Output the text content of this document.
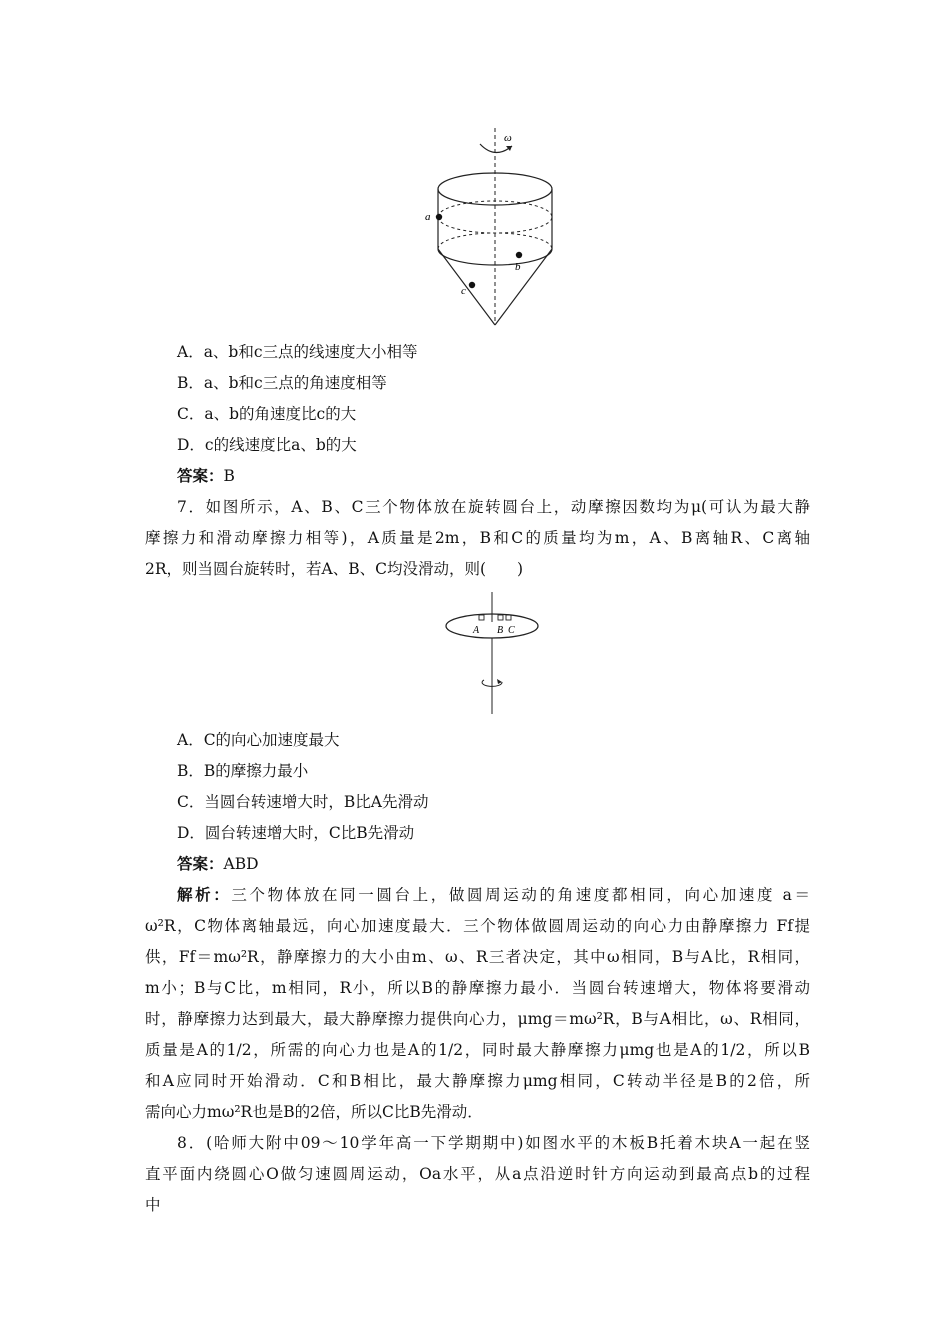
ω
a
b
c
A．a、b和c三点的线速度大小相等
B．a、b和c三点的角速度相等
C．a、b的角速度比c的大
D．c的线速度比a、b的大
答案：B
7．如图所示，A、B、C三个物体放在旋转圆台上，动摩擦因数均为μ(可认为最大静
摩擦力和滑动摩擦力相等)，A质量是2m，B和C的质量均为m，A、B离轴R、C离轴
2R，则当圆台旋转时，若A、B、C均没滑动，则(　　)
A B C
A．C的向心加速度最大
B．B的摩擦力最小
C．当圆台转速增大时，B比A先滑动
D．圆台转速增大时，C比B先滑动
答案：ABD
解析：三个物体放在同一圆台上，做圆周运动的角速度都相同，向心加速度 a＝
ω²R，C物体离轴最远，向心加速度最大．三个物体做圆周运动的向心力由静摩擦力 Ff提
供，Ff＝mω²R，静摩擦力的大小由m、ω、R三者决定，其中ω相同，B与A比，R相同，
m小；B与C比，m相同，R小，所以B的静摩擦力最小．当圆台转速增大，物体将要滑动
时，静摩擦力达到最大，最大静摩擦力提供向心力，μmg＝mω²R，B与A相比，ω、R相同，
质量是A的1/2，所需的向心力也是A的1/2，同时最大静摩擦力μmg也是A的1/2，所以B
和A应同时开始滑动．C和B相比，最大静摩擦力μmg相同，C转动半径是B的2倍，所
需向心力mω²R也是B的2倍，所以C比B先滑动．
8．(哈师大附中09～10学年高一下学期期中)如图水平的木板B托着木块A一起在竖
直平面内绕圆心O做匀速圆周运动，Oa水平，从a点沿逆时针方向运动到最高点b的过程
中
